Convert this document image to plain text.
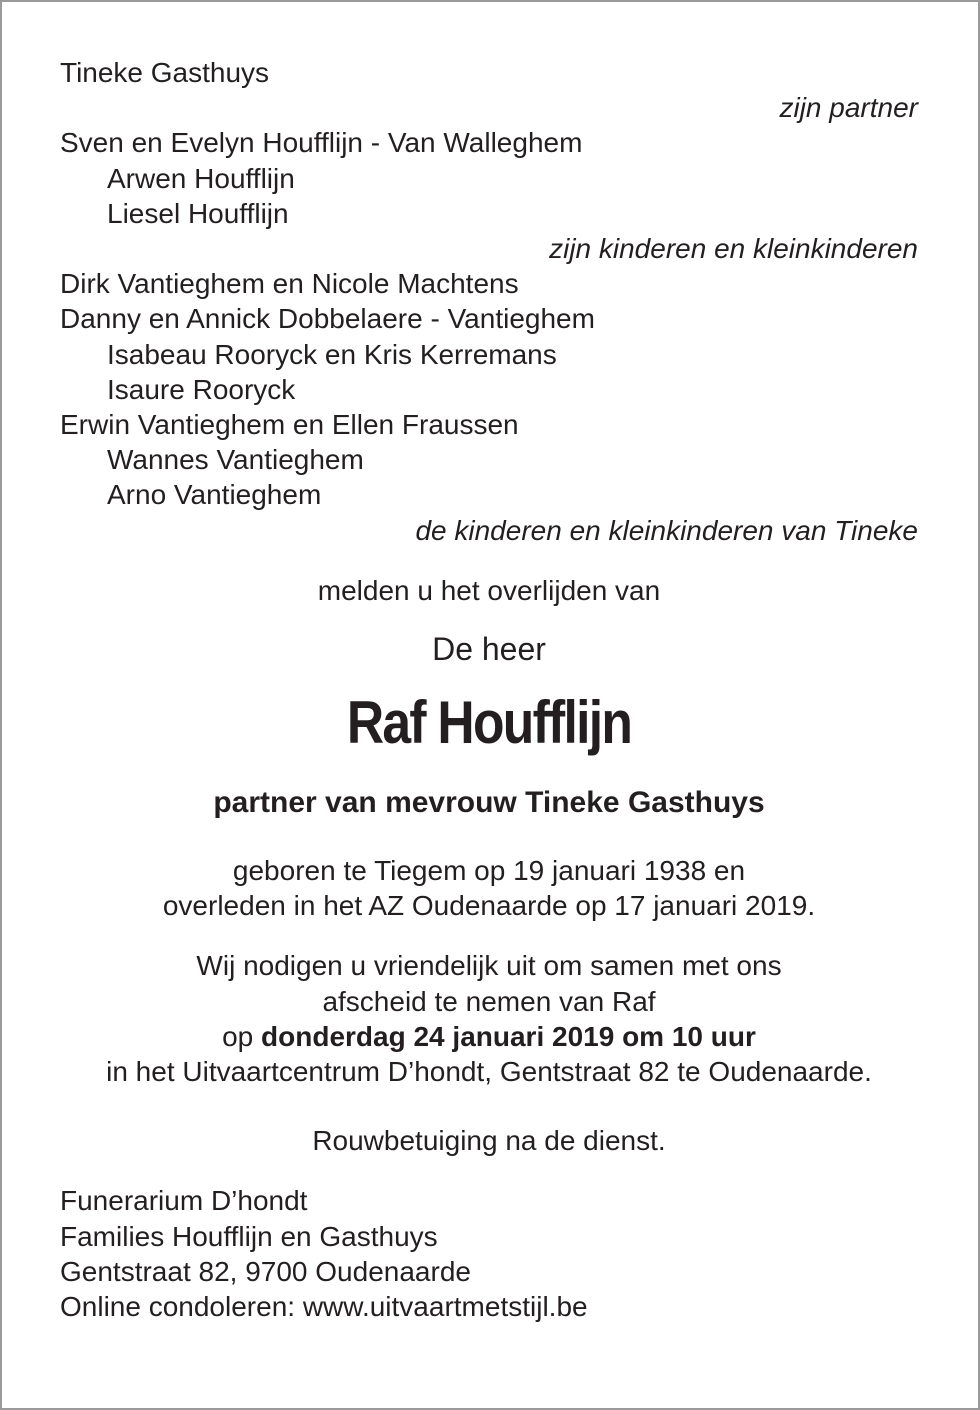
Tineke Gasthuys
zijn partner
Sven en Evelyn Houfflijn - Van Walleghem
Arwen Houfflijn
Liesel Houfflijn
zijn kinderen en kleinkinderen
Dirk Vantieghem en Nicole Machtens
Danny en Annick Dobbelaere - Vantieghem
Isabeau Rooryck en Kris Kerremans
Isaure Rooryck
Erwin Vantieghem en Ellen Fraussen
Wannes Vantieghem
Arno Vantieghem
de kinderen en kleinkinderen van Tineke
melden u het overlijden van
De heer
Raf Houfflijn
partner van mevrouw Tineke Gasthuys
geboren te Tiegem op 19 januari 1938 en
overleden in het AZ Oudenaarde op 17 januari 2019.
Wij nodigen u vriendelijk uit om samen met ons
afscheid te nemen van Raf
op donderdag 24 januari 2019 om 10 uur
in het Uitvaartcentrum D’hondt, Gentstraat 82 te Oudenaarde.
Rouwbetuiging na de dienst.
Funerarium D’hondt
Families Houfflijn en Gasthuys
Gentstraat 82, 9700 Oudenaarde
Online condoleren: www.uitvaartmetstijl.be
